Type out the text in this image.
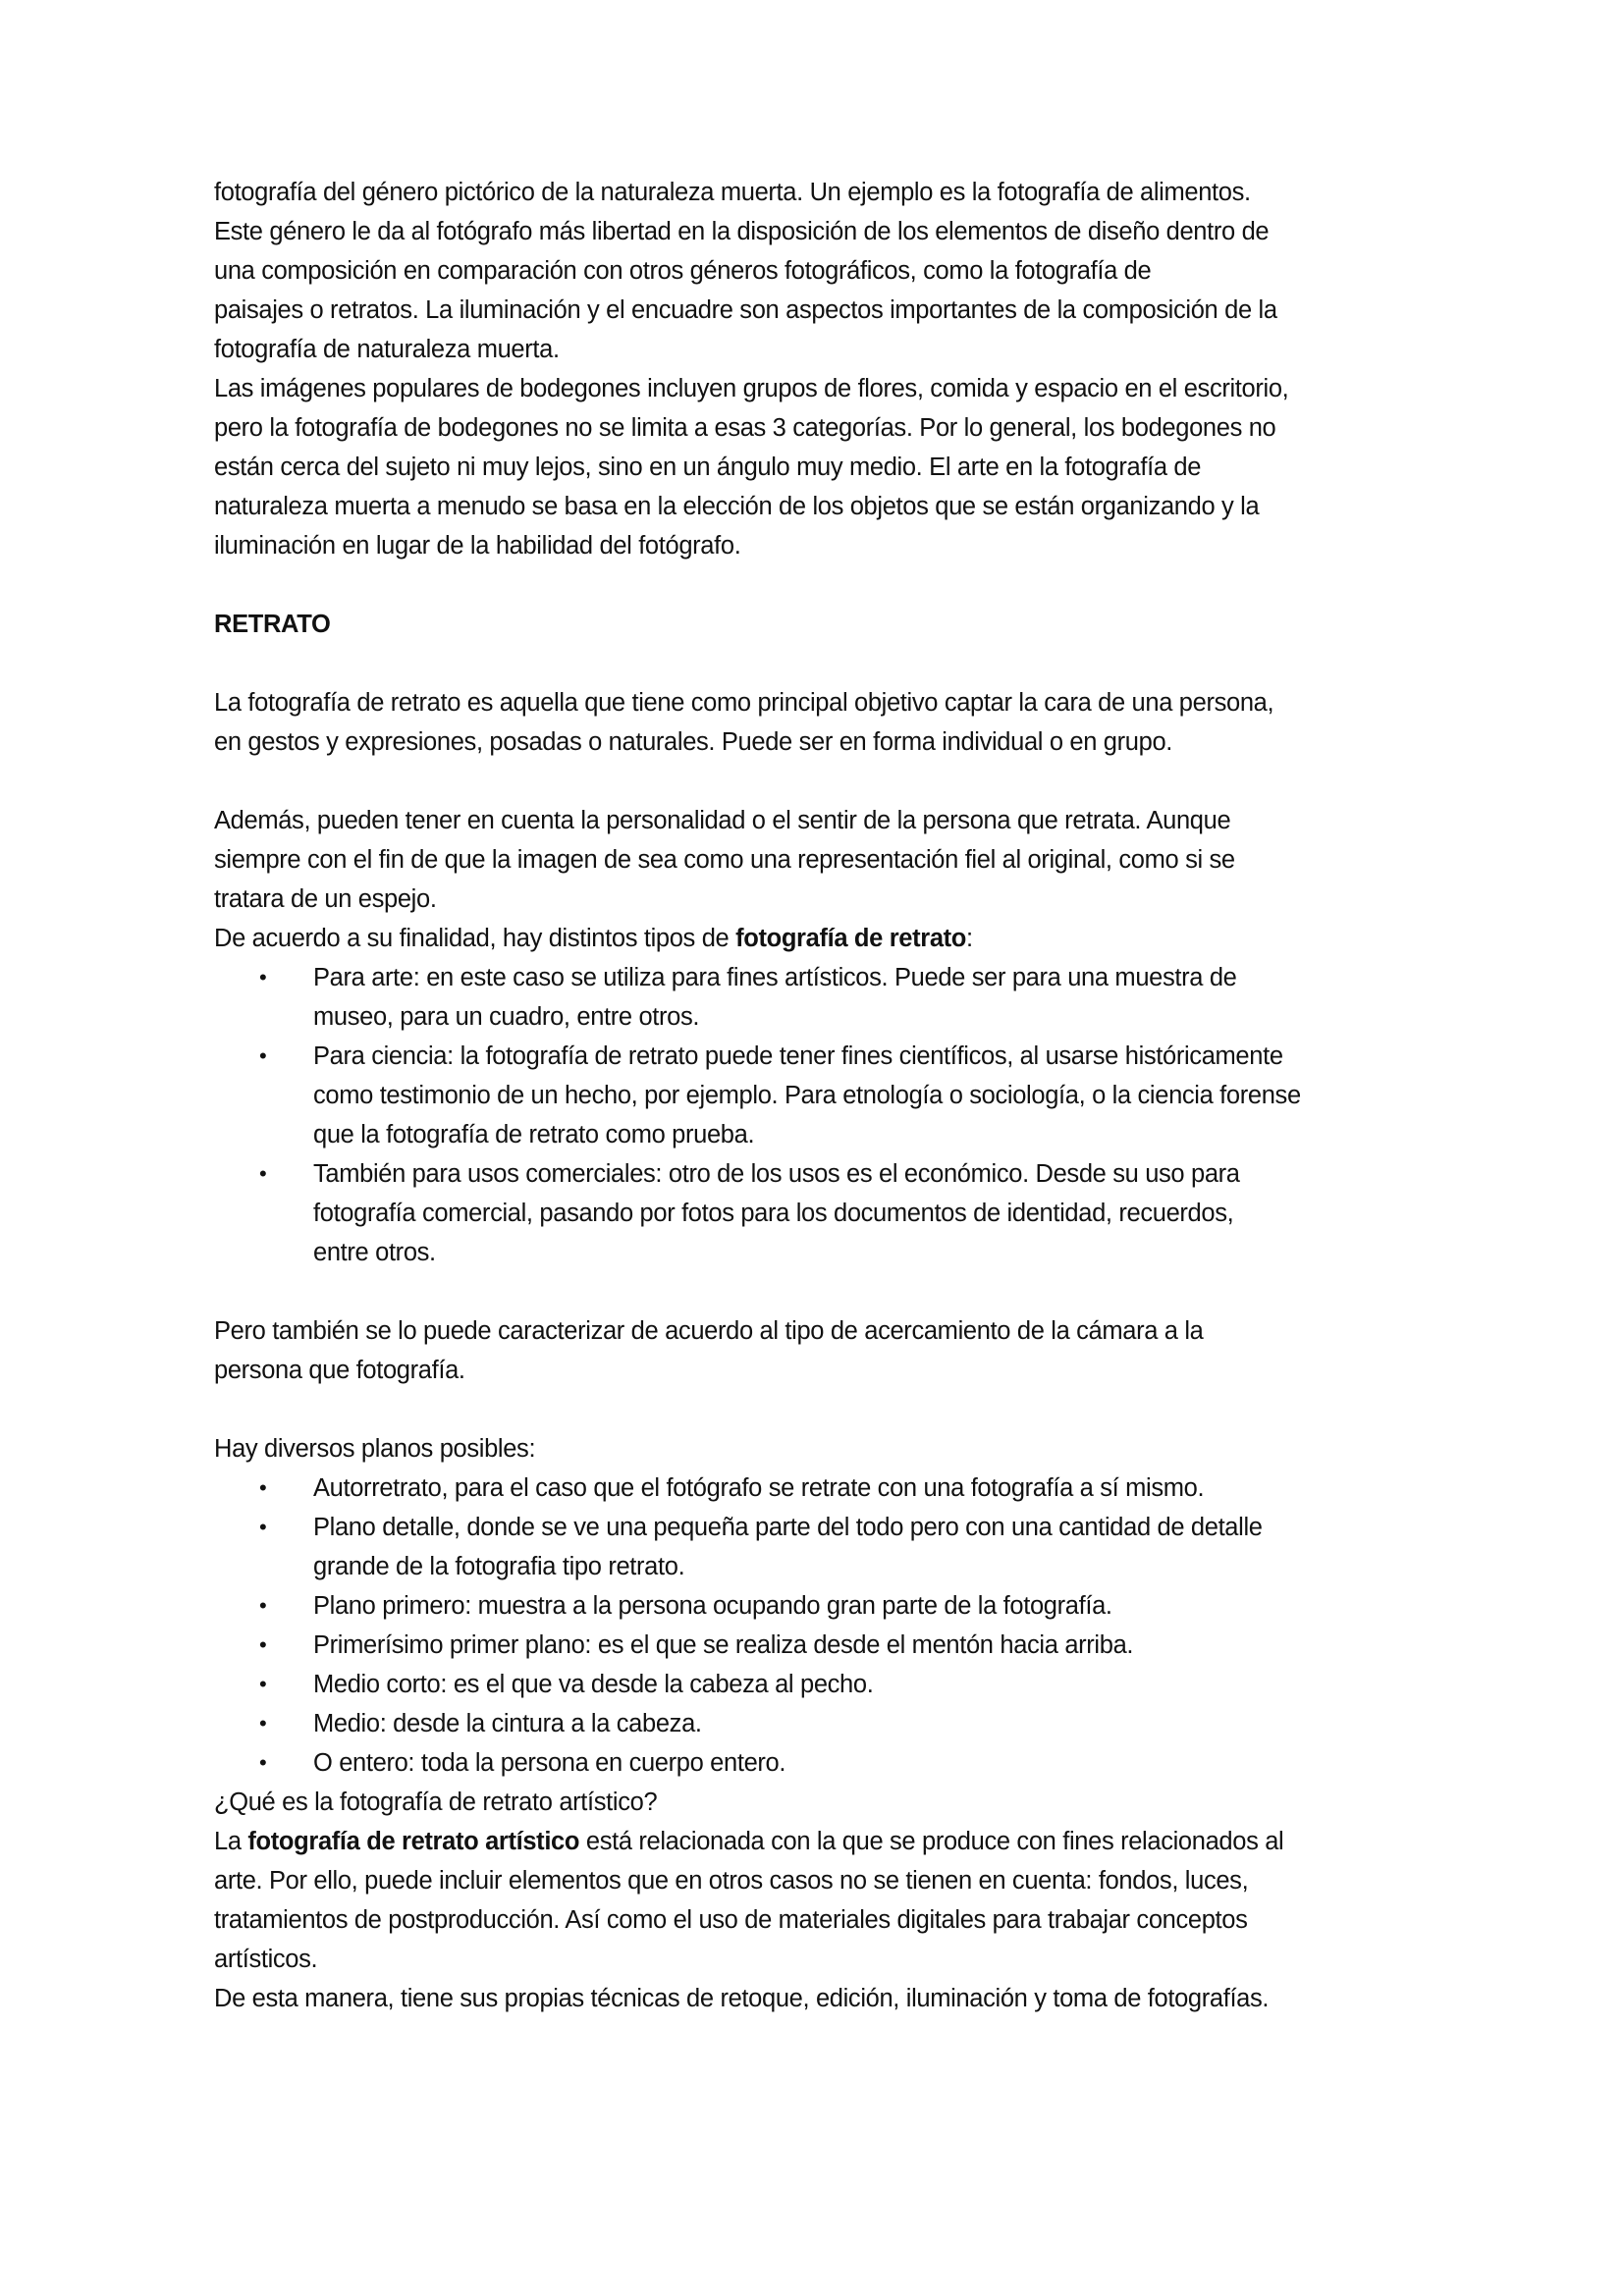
fotografía del género pictórico de la naturaleza muerta. Un ejemplo es la fotografía de alimentos.
Este género le da al fotógrafo más libertad en la disposición de los elementos de diseño dentro de
una composición en comparación con otros géneros fotográficos, como la fotografía de
paisajes o retratos. La iluminación y el encuadre son aspectos importantes de la composición de la
fotografía de naturaleza muerta.
Las imágenes populares de bodegones incluyen grupos de flores, comida y espacio en el escritorio,
pero la fotografía de bodegones no se limita a esas 3 categorías. Por lo general, los bodegones no
están cerca del sujeto ni muy lejos, sino en un ángulo muy medio. El arte en la fotografía de
naturaleza muerta a menudo se basa en la elección de los objetos que se están organizando y la
iluminación en lugar de la habilidad del fotógrafo.
RETRATO
La fotografía de retrato es aquella que tiene como principal objetivo captar la cara de una persona,
en gestos y expresiones, posadas o naturales. Puede ser en forma individual o en grupo.
Además, pueden tener en cuenta la personalidad o el sentir de la persona que retrata. Aunque
siempre con el fin de que la imagen de sea como una representación fiel al original, como si se
tratara de un espejo.
De acuerdo a su finalidad, hay distintos tipos de fotografía de retrato:
• Para arte: en este caso se utiliza para fines artísticos. Puede ser para una muestra de
museo, para un cuadro, entre otros.
• Para ciencia: la fotografía de retrato puede tener fines científicos, al usarse históricamente
como testimonio de un hecho, por ejemplo. Para etnología o sociología, o la ciencia forense
que la fotografía de retrato como prueba.
• También para usos comerciales: otro de los usos es el económico. Desde su uso para
fotografía comercial, pasando por fotos para los documentos de identidad, recuerdos,
entre otros.
Pero también se lo puede caracterizar de acuerdo al tipo de acercamiento de la cámara a la
persona que fotografía.
Hay diversos planos posibles:
• Autorretrato, para el caso que el fotógrafo se retrate con una fotografía a sí mismo.
• Plano detalle, donde se ve una pequeña parte del todo pero con una cantidad de detalle
grande de la fotografia tipo retrato.
• Plano primero: muestra a la persona ocupando gran parte de la fotografía.
• Primerísimo primer plano: es el que se realiza desde el mentón hacia arriba.
• Medio corto: es el que va desde la cabeza al pecho.
• Medio: desde la cintura a la cabeza.
• O entero: toda la persona en cuerpo entero.
¿Qué es la fotografía de retrato artístico?
La fotografía de retrato artístico está relacionada con la que se produce con fines relacionados al
arte. Por ello, puede incluir elementos que en otros casos no se tienen en cuenta: fondos, luces,
tratamientos de postproducción. Así como el uso de materiales digitales para trabajar conceptos
artísticos.
De esta manera, tiene sus propias técnicas de retoque, edición, iluminación y toma de fotografías.
